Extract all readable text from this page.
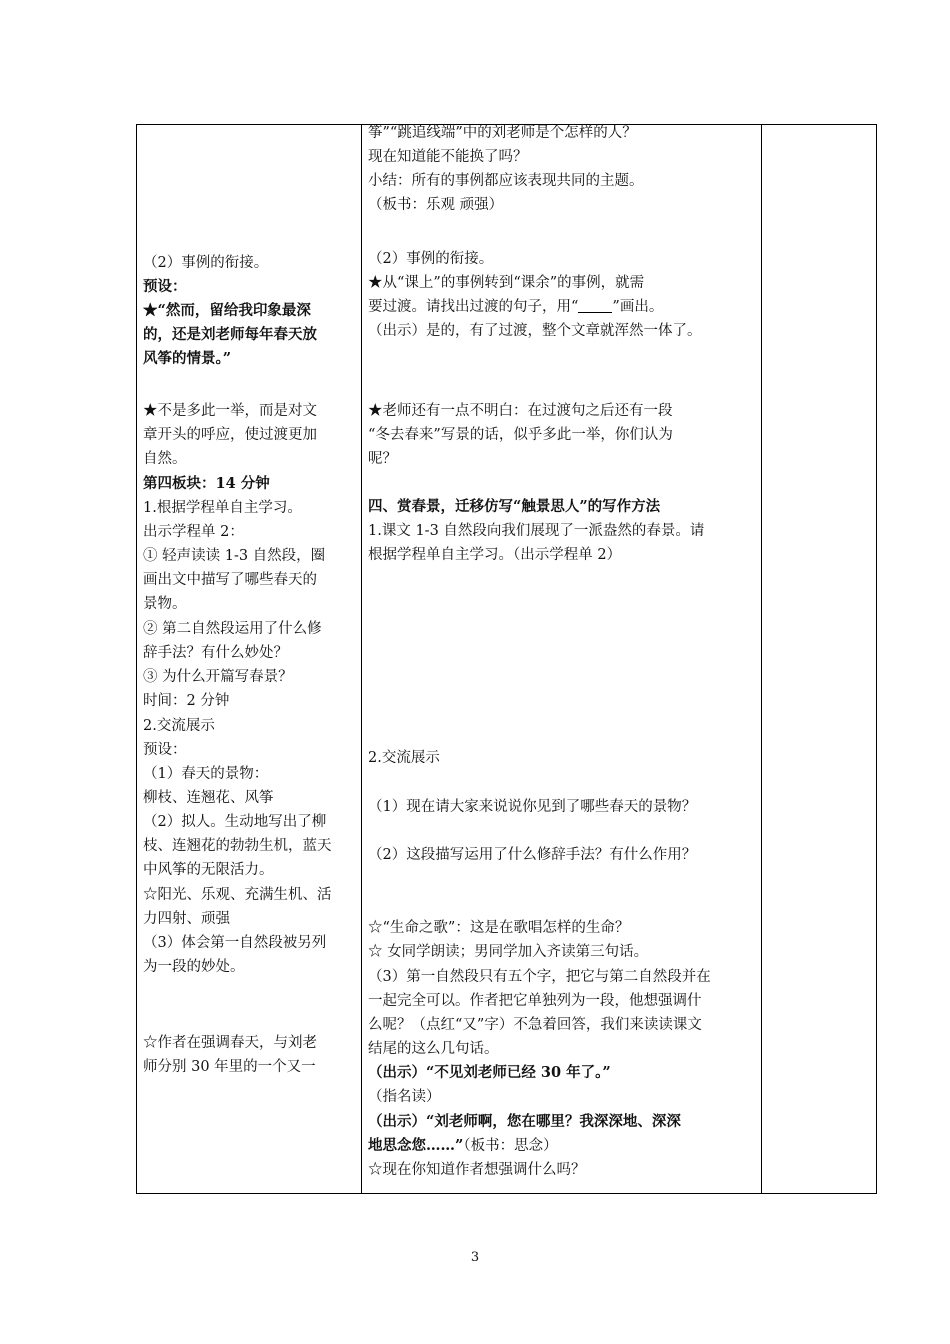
（2）事例的衔接。
预设：
★“然而，留给我印象最深
的，还是刘老师每年春天放
风筝的情景。”
★不是多此一举，而是对文
章开头的呼应，使过渡更加
自然。
第四板块：14 分钟
1.根据学程单自主学习。
出示学程单 2：
① 轻声读读 1-3 自然段，圈
画出文中描写了哪些春天的
景物。
② 第二自然段运用了什么修
辞手法？有什么妙处？
③ 为什么开篇写春景？
时间：2 分钟
2.交流展示
预设：
（1）春天的景物：
柳枝、连翘花、风筝
（2）拟人。生动地写出了柳
枝、连翘花的勃勃生机，蓝天
中风筝的无限活力。
☆阳光、乐观、充满生机、活
力四射、顽强
（3）体会第一自然段被另列
为一段的妙处。
☆作者在强调春天，与刘老
师分别 30 年里的一个又一
筝”“跳追线端”中的刘老师是个怎样的人？
现在知道能不能换了吗？
小结：所有的事例都应该表现共同的主题。
（板书：乐观 顽强）
（2）事例的衔接。
★从“课上”的事例转到“课余”的事例，就需
要过渡。请找出过渡的句子，用“ ”画出。
（出示）是的，有了过渡，整个文章就浑然一体了。
★老师还有一点不明白：在过渡句之后还有一段
“冬去春来”写景的话，似乎多此一举，你们认为
呢？
四、赏春景，迁移仿写“触景思人”的写作方法
1.课文 1-3 自然段向我们展现了一派盎然的春景。请
根据学程单自主学习。（出示学程单 2）
2.交流展示
（1）现在请大家来说说你见到了哪些春天的景物？
（2）这段描写运用了什么修辞手法？有什么作用？
☆“生命之歌”：这是在歌唱怎样的生命？
☆ 女同学朗读；男同学加入齐读第三句话。
（3）第一自然段只有五个字，把它与第二自然段并在
一起完全可以。作者把它单独列为一段，他想强调什
么呢？（点红“又”字）不急着回答，我们来读读课文
结尾的这么几句话。
（出示）“不见刘老师已经 30 年了。”
（指名读）
（出示）“刘老师啊，您在哪里？我深深地、深深
地思念您……”（板书：思念）
☆现在你知道作者想强调什么吗？
3
